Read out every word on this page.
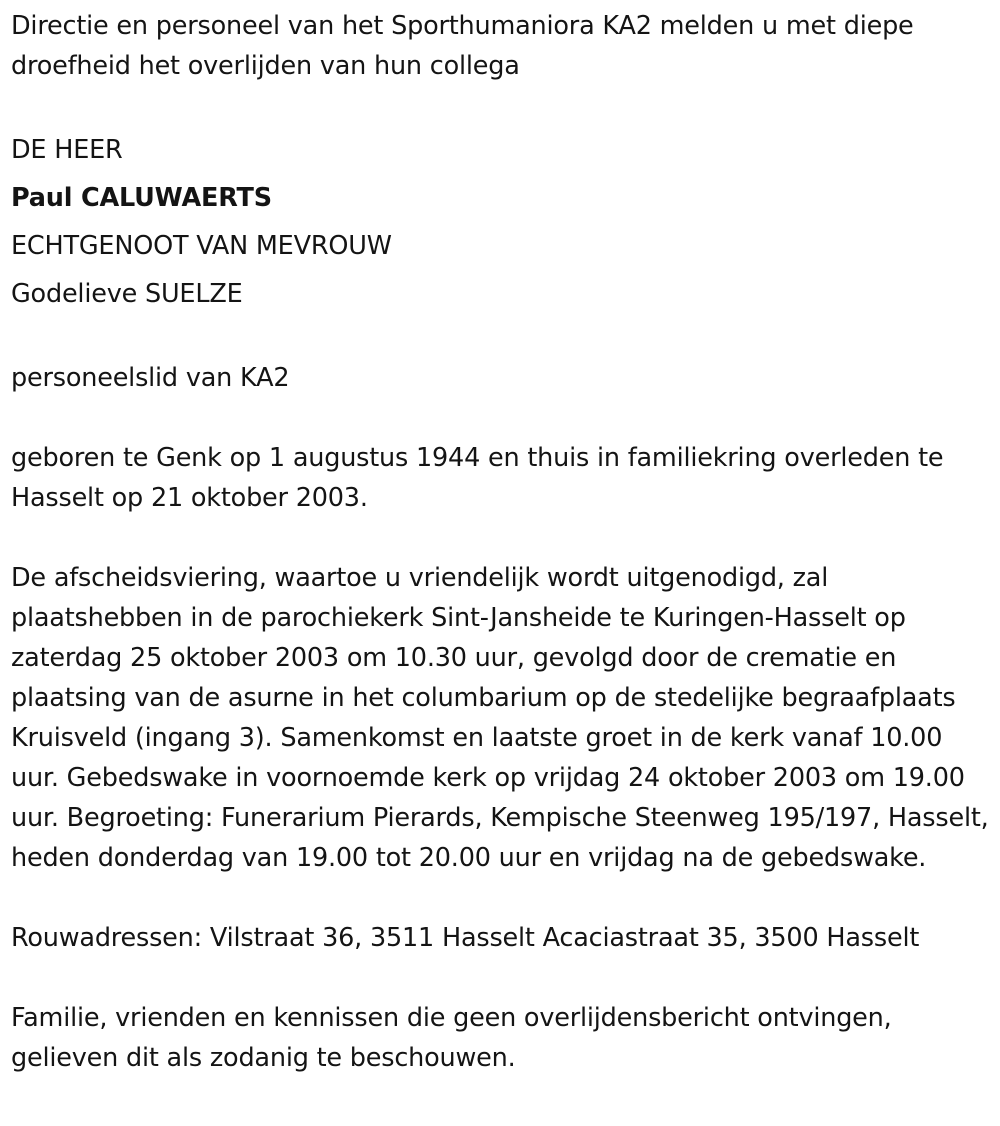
Directie en personeel van het Sporthumaniora KA2 melden u met diepe droefheid het overlijden van hun collega

DE HEER
Paul CALUWAERTS
ECHTGENOOT VAN MEVROUW
Godelieve SUELZE

personeelslid van KA2

geboren te Genk op 1 augustus 1944 en thuis in familiekring overleden te Hasselt op 21 oktober 2003.

De afscheidsviering, waartoe u vriendelijk wordt uitgenodigd, zal plaatshebben in de parochiekerk Sint-Jansheide te Kuringen-Hasselt op zaterdag 25 oktober 2003 om 10.30 uur, gevolgd door de crematie en plaatsing van de asurne in het columbarium op de stedelijke begraafplaats Kruisveld (ingang 3). Samenkomst en laatste groet in de kerk vanaf 10.00 uur. Gebedswake in voornoemde kerk op vrijdag 24 oktober 2003 om 19.00 uur. Begroeting: Funerarium Pierards, Kempische Steenweg 195/197, Hasselt, heden donderdag van 19.00 tot 20.00 uur en vrijdag na de gebedswake.

Rouwadressen: Vilstraat 36, 3511 Hasselt Acaciastraat 35, 3500 Hasselt

Familie, vrienden en kennissen die geen overlijdensbericht ontvingen, gelieven dit als zodanig te beschouwen.
